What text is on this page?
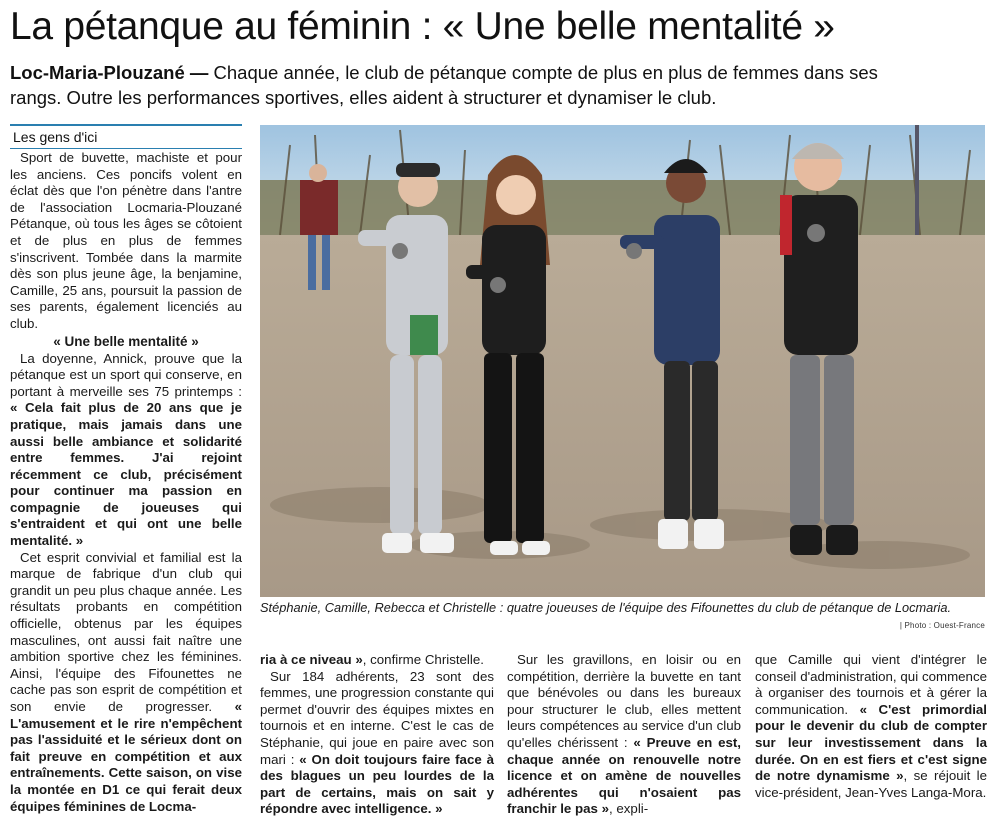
La pétanque au féminin : « Une belle mentalité »

Loc-Maria-Plouzané — Chaque année, le club de pétanque compte de plus en plus de femmes dans ses rangs. Outre les performances sportives, elles aident à structurer et dynamiser le club.

Les gens d'ici

Sport de buvette, machiste et pour les anciens. Ces poncifs volent en éclat dès que l'on pénètre dans l'antre de l'association Locmaria-Plouzané Pétanque, où tous les âges se côtoient et de plus en plus de femmes s'inscrivent. Tombée dans la marmite dès son plus jeune âge, la benjamine, Camille, 25 ans, poursuit la passion de ses parents, également licenciés au club.

« Une belle mentalité »

La doyenne, Annick, prouve que la pétanque est un sport qui conserve, en portant à merveille ses 75 printemps : « Cela fait plus de 20 ans que je pratique, mais jamais dans une aussi belle ambiance et solidarité entre femmes. J'ai rejoint récemment ce club, précisément pour continuer ma passion en compagnie de joueuses qui s'entraident et qui ont une belle mentalité. »

Cet esprit convivial et familial est la marque de fabrique d'un club qui grandit un peu plus chaque année. Les résultats probants en compétition officielle, obtenus par les équipes masculines, ont aussi fait naître une ambition sportive chez les féminines. Ainsi, l'équipe des Fifounettes ne cache pas son esprit de compétition et son envie de progresser. « L'amusement et le rire n'empêchent pas l'assiduité et le sérieux dont on fait preuve en compétition et aux entraînements. Cette saison, on vise la montée en D1 ce qui ferait deux équipes féminines de Locma-

Stéphanie, Camille, Rebecca et Christelle : quatre joueuses de l'équipe des Fifounettes du club de pétanque de Locmaria.
| Photo : Ouest-France

ria à ce niveau », confirme Christelle.

Sur 184 adhérents, 23 sont des femmes, une progression constante qui permet d'ouvrir des équipes mixtes en tournois et en interne. C'est le cas de Stéphanie, qui joue en paire avec son mari : « On doit toujours faire face à des blagues un peu lourdes de la part de certains, mais on sait y répondre avec intelligence. »

Sur les gravillons, en loisir ou en compétition, derrière la buvette en tant que bénévoles ou dans les bureaux pour structurer le club, elles mettent leurs compétences au service d'un club qu'elles chérissent : « Preuve en est, chaque année on renouvelle notre licence et on amène de nouvelles adhérentes qui n'osaient pas franchir le pas », expli-

que Camille qui vient d'intégrer le conseil d'administration, qui commence à organiser des tournois et à gérer la communication. « C'est primordial pour le devenir du club de compter sur leur investissement dans la durée. On en est fiers et c'est signe de notre dynamisme », se réjouit le vice-président, Jean-Yves Langa-Mora.
